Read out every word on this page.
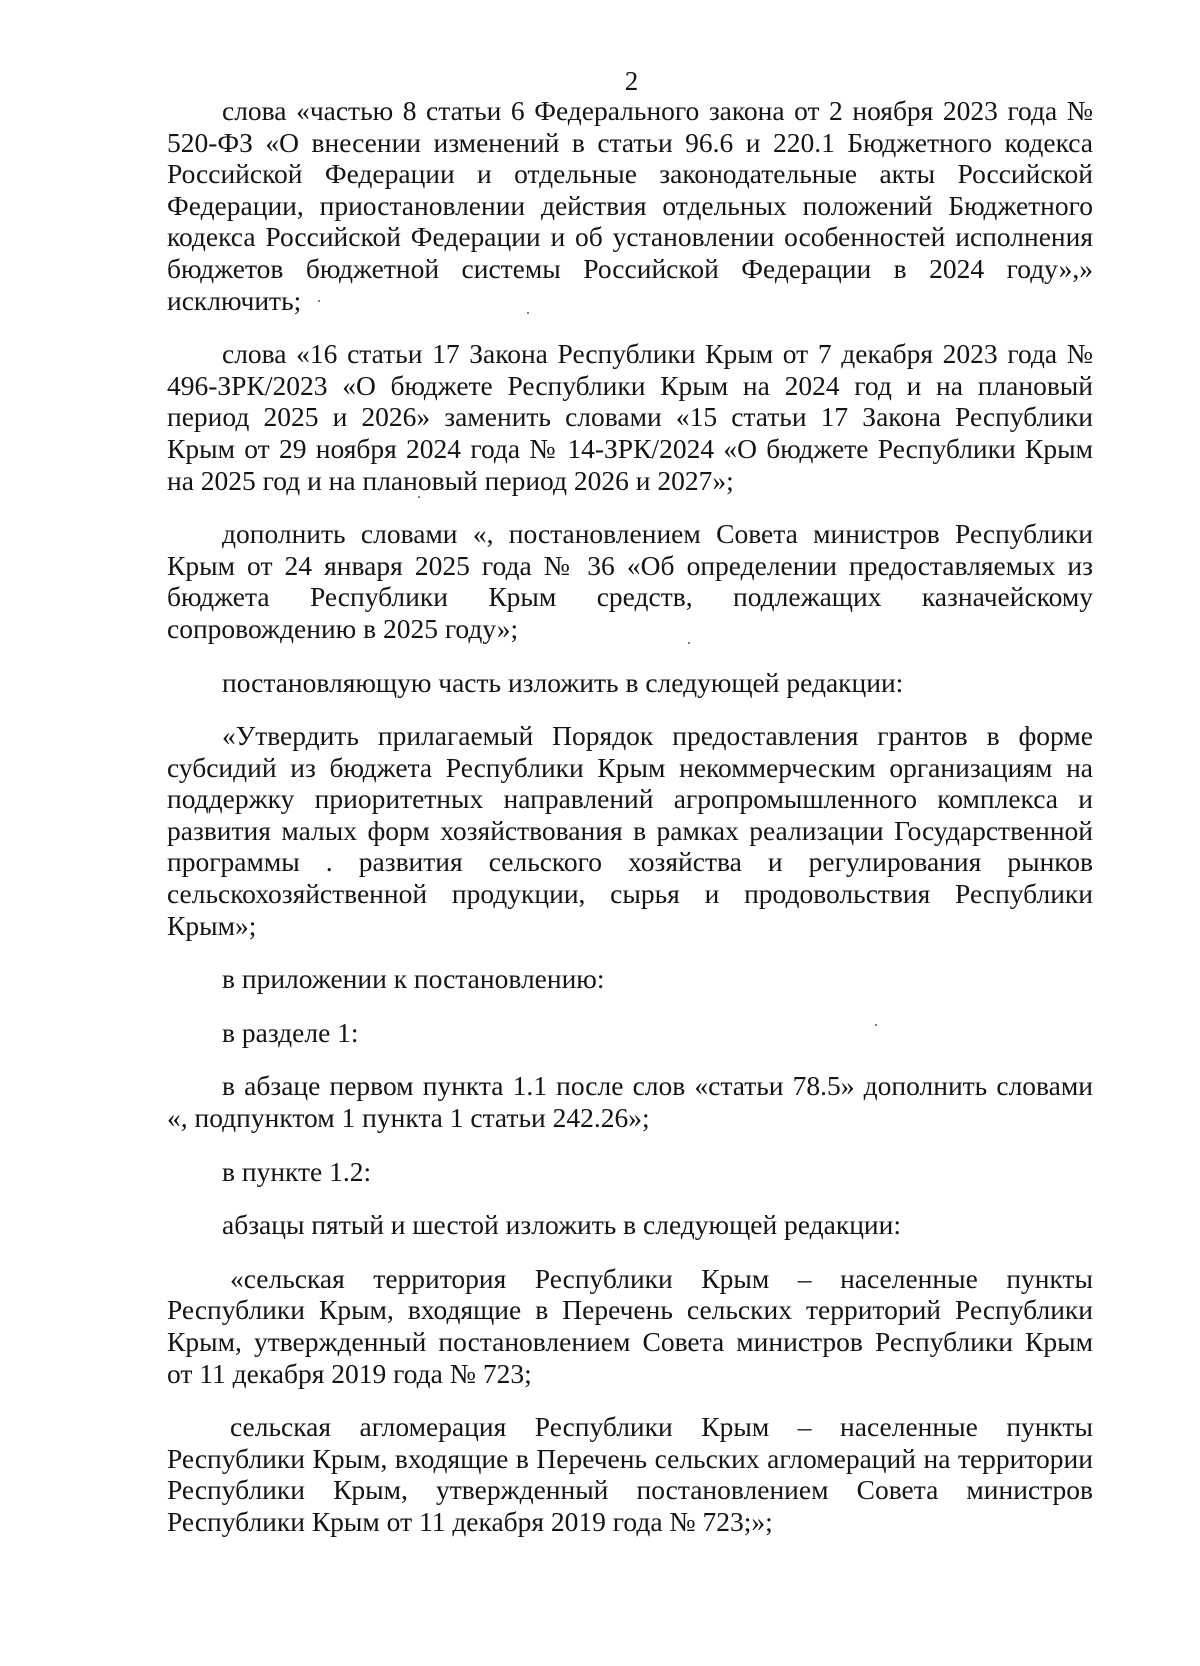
2

слова «частью 8 статьи 6 Федерального закона от 2 ноября 2023 года № 520-ФЗ «О внесении изменений в статьи 96.6 и 220.1 Бюджетного кодекса Российской Федерации и отдельные законодательные акты Российской Федерации, приостановлении действия отдельных положений Бюджетного кодекса Российской Федерации и об установлении особенностей исполнения бюджетов бюджетной системы Российской Федерации в 2024 году»,» исключить;

слова «16 статьи 17 Закона Республики Крым от 7 декабря 2023 года № 496-ЗРК/2023 «О бюджете Республики Крым на 2024 год и на плановый период 2025 и 2026» заменить словами «15 статьи 17 Закона Республики Крым от 29 ноября 2024 года № 14-ЗРК/2024 «О бюджете Республики Крым на 2025 год и на плановый период 2026 и 2027»;

дополнить словами «, постановлением Совета министров Республики Крым от 24 января 2025 года № 36 «Об определении предоставляемых из бюджета Республики Крым средств, подлежащих казначейскому сопровождению в 2025 году»;

постановляющую часть изложить в следующей редакции:

«Утвердить прилагаемый Порядок предоставления грантов в форме субсидий из бюджета Республики Крым некоммерческим организациям на поддержку приоритетных направлений агропромышленного комплекса и развития малых форм хозяйствования в рамках реализации Государственной программы . развития сельского хозяйства и регулирования рынков сельскохозяйственной продукции, сырья и продовольствия Республики Крым»;

в приложении к постановлению:

в разделе 1:

в абзаце первом пункта 1.1 после слов «статьи 78.5» дополнить словами «, подпунктом 1 пункта 1 статьи 242.26»;

в пункте 1.2:

абзацы пятый и шестой изложить в следующей редакции:

«сельская территория Республики Крым – населенные пункты Республики Крым, входящие в Перечень сельских территорий Республики Крым, утвержденный постановлением Совета министров Республики Крым от 11 декабря 2019 года № 723;

сельская агломерация Республики Крым – населенные пункты Республики Крым, входящие в Перечень сельских агломераций на территории Республики Крым, утвержденный постановлением Совета министров Республики Крым от 11 декабря 2019 года № 723;»;
